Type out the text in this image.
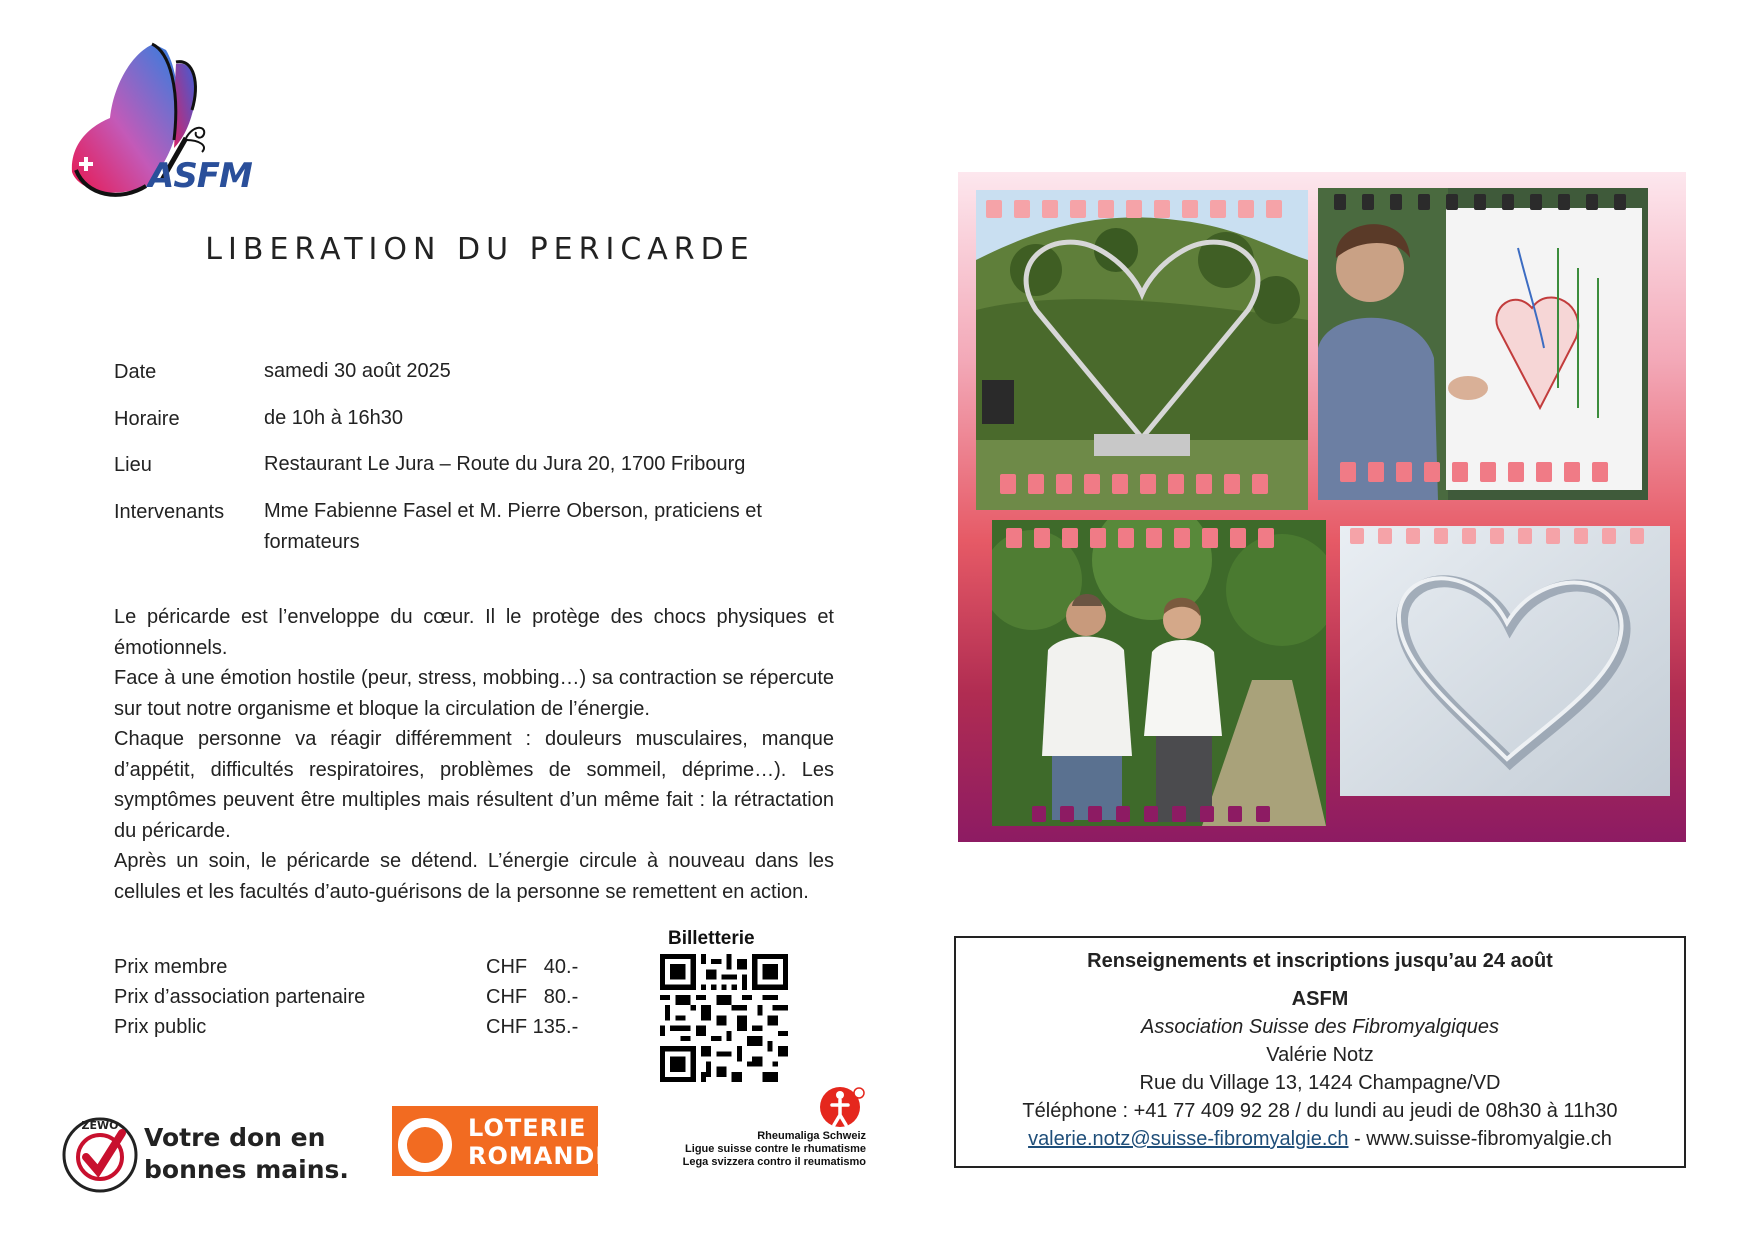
ASFM
LIBERATION DU PERICARDE
Date	samedi 30 août 2025
Horaire	de 10h à 16h30
Lieu	Restaurant Le Jura – Route du Jura 20, 1700 Fribourg
Intervenants Mme Fabienne Fasel et M. Pierre Oberson, praticiens et formateurs

Le péricarde est l’enveloppe du cœur. Il le protège des chocs physiques et émotionnels.

Face à une émotion hostile (peur, stress, mobbing…) sa contraction se répercute sur tout notre organisme et bloque la circulation de l’énergie.

Chaque personne va réagir différemment : douleurs musculaires, manque d’appétit, difficultés respiratoires, problèmes de sommeil, déprime…). Les symptômes peuvent être multiples mais résultent d’un même fait : la rétractation du péricarde.

Après un soin, le péricarde se détend. L’énergie circule à nouveau dans les cellules et les facultés d’auto-guérisons de la personne se remettent en action.

Prix membre	CHF   40.-
Prix d’association partenaire	CHF   80.-
Prix public	CHF 135.-
Billetterie
ZEWO Votre don en
bonnes mains.
LOTERIE
ROMANDE
Rheumaliga Schweiz
Ligue suisse contre le rhumatisme
Lega svizzera contro il reumatismo
Renseignements et inscriptions jusqu’au 24 août
ASFM
Association Suisse des Fibromyalgiques
Valérie Notz
Rue du Village 13, 1424 Champagne/VD
Téléphone : +41 77 409 92 28 / du lundi au jeudi de 08h30 à 11h30
valerie.notz@suisse-fibromyalgie.ch - www.suisse-fibromyalgie.ch
